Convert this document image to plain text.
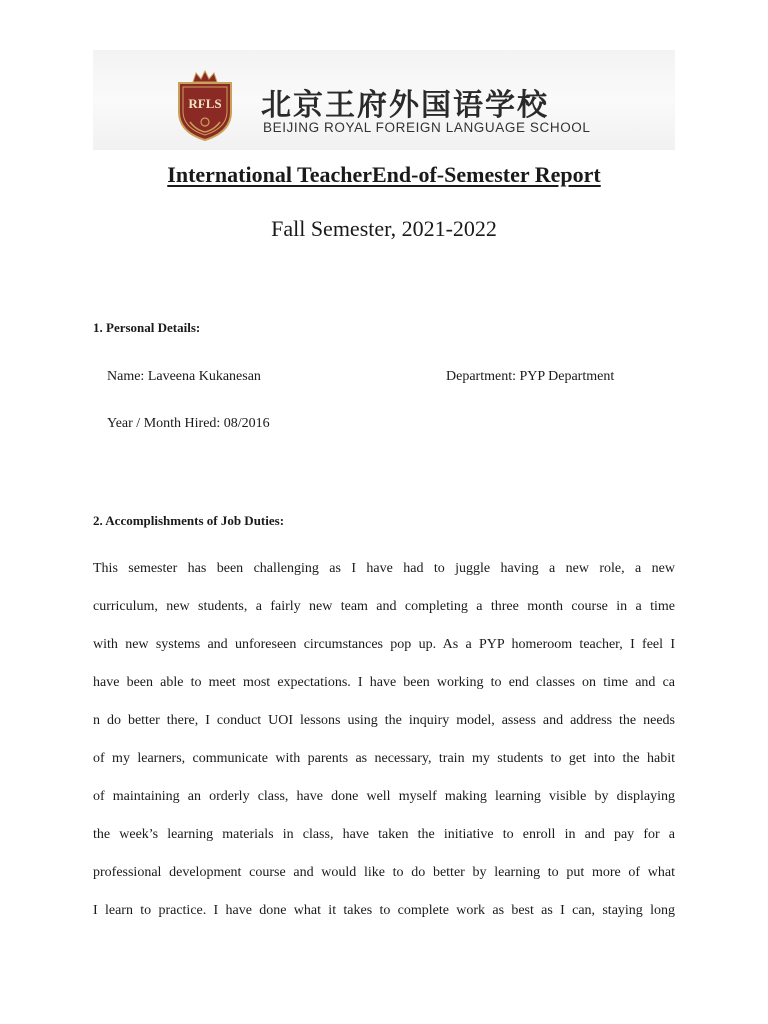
RFLS 北京王府外国语学校
BEIJING ROYAL FOREIGN LANGUAGE SCHOOL
International TeacherEnd-of-Semester Report
Fall Semester, 2021-2022
1. Personal Details:
Name: Laveena Kukanesan	Department: PYP Department
Year / Month Hired: 08/2016
2. Accomplishments of Job Duties:
This semester has been challenging as I have had to juggle having a new role, a new
curriculum, new students, a fairly new team and completing a three month course in a time
with new systems and unforeseen circumstances pop up. As a PYP homeroom teacher, I feel I
have been able to meet most expectations. I have been working to end classes on time and ca
n do better there, I conduct UOI lessons using the inquiry model, assess and address the needs
of my learners, communicate with parents as necessary, train my students to get into the habit
of maintaining an orderly class, have done well myself making learning visible by displaying
the week’s learning materials in class, have taken the initiative to enroll in and pay for a
professional development course and would like to do better by learning to put more of what
I learn to practice. I have done what it takes to complete work as best as I can, staying long
